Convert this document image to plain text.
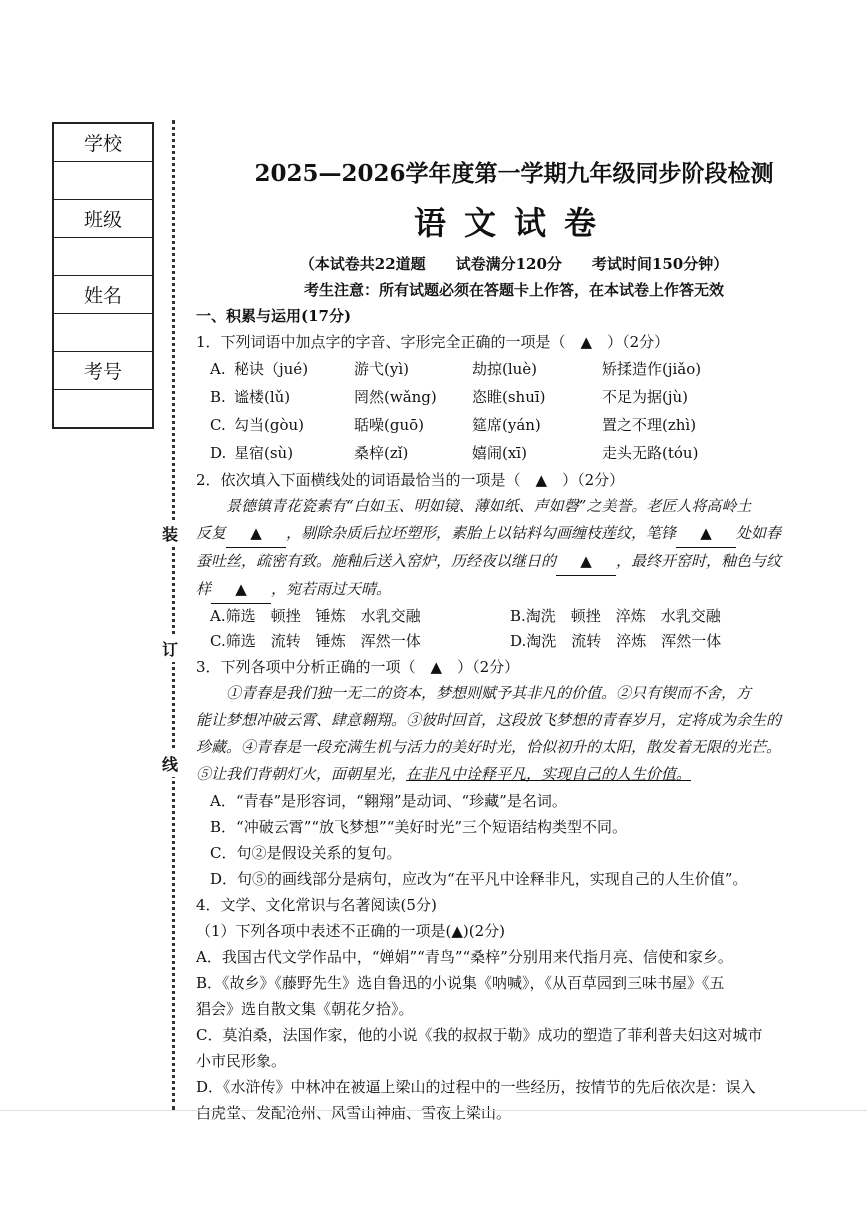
学校
班级
姓名
考号
装
订
线
2025—2026学年度第一学期九年级同步阶段检测
语文试卷
（本试卷共22道题　　试卷满分120分　　考试时间150分钟）
考生注意：所有试题必须在答题卡上作答，在本试卷上作答无效
一、积累与运用(17分)
1．下列词语中加点字的字音、字形完全正确的一项是（　▲　）（2分）
A. 秘诀（jué)	游弋(yì)	劫掠(luè)	矫揉造作(jiǎo)
B. 谧楼(lǔ)	罔然(wǎng)	恣睢(shuī)	不足为据(jù)
C. 勾当(gòu)	聒噪(guō)	筵席(yán)	置之不理(zhì)
D. 星宿(sù)	桑梓(zǐ)	嬉闹(xī)	走头无路(tóu)
2．依次填入下面横线处的词语最恰当的一项是（　▲　）（2分）
景德镇青花瓷素有“白如玉、明如镜、薄如纸、声如磬”之美誉。老匠人将高岭土
反复 ▲ ，剔除杂质后拉坯塑形，素胎上以钴料勾画缠枝莲纹，笔锋 ▲ 处如春
蚕吐丝，疏密有致。施釉后送入窑炉，历经夜以继日的 ▲ ，最终开窑时，釉色与纹
样 ▲ ，宛若雨过天晴。
A.筛选　顿挫　锤炼　水乳交融	B.淘洗　顿挫　淬炼　水乳交融
C.筛选　流转　锤炼　浑然一体	D.淘洗　流转　淬炼　浑然一体
3．下列各项中分析正确的一项（　▲　）（2分）
①青春是我们独一无二的资本，梦想则赋予其非凡的价值。②只有锲而不舍，方
能让梦想冲破云霄、肆意翱翔。③彼时回首，这段放飞梦想的青春岁月，定将成为余生的
珍藏。④青春是一段充满生机与活力的美好时光，恰似初升的太阳，散发着无限的光芒。
⑤让我们背朝灯火，面朝星光，在非凡中诠释平凡，实现自己的人生价值。
A．“青春”是形容词，“翱翔”是动词、“珍藏”是名词。
B．“冲破云霄”“放飞梦想”“美好时光”三个短语结构类型不同。
C．句②是假设关系的复句。
D．句⑤的画线部分是病句，应改为“在平凡中诠释非凡，实现自己的人生价值”。
4．文学、文化常识与名著阅读(5分)
（1）下列各项中表述不正确的一项是(▲)(2分)
A．我国古代文学作品中，“婵娟”“青鸟”“桑梓”分别用来代指月亮、信使和家乡。
B．《故乡》《藤野先生》选自鲁迅的小说集《呐喊》，《从百草园到三味书屋》《五
猖会》选自散文集《朝花夕拾》。
C．莫泊桑，法国作家，他的小说《我的叔叔于勒》成功的塑造了菲利普夫妇这对城市
小市民形象。
D．《水浒传》中林冲在被逼上梁山的过程中的一些经历，按情节的先后依次是：误入
白虎堂、发配沧州、风雪山神庙、雪夜上梁山。
